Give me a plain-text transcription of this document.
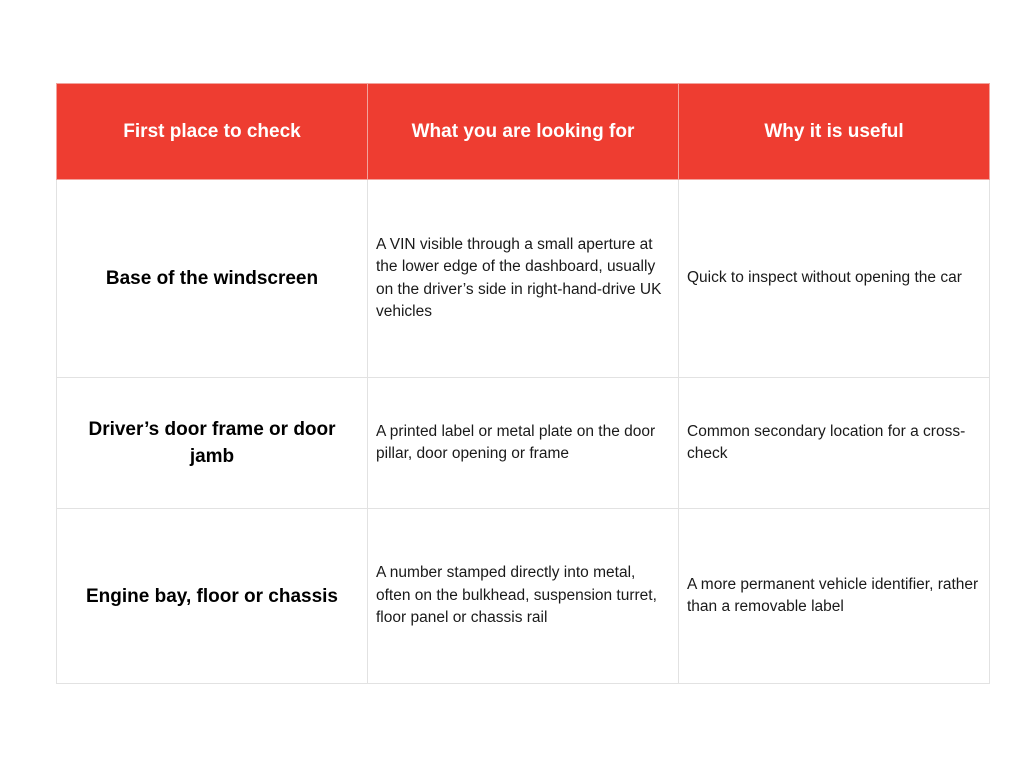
First place to check	What you are looking for	Why it is useful
Base of the windscreen	A VIN visible through a small aperture at the lower edge of the dashboard, usually on the driver’s side in right-hand-drive UK vehicles	Quick to inspect without opening the car
Driver’s door frame or door jamb	A printed label or metal plate on the door pillar, door opening or frame	Common secondary location for a cross-check
Engine bay, floor or chassis	A number stamped directly into metal, often on the bulkhead, suspension turret, floor panel or chassis rail	A more permanent vehicle identifier, rather than a removable label
